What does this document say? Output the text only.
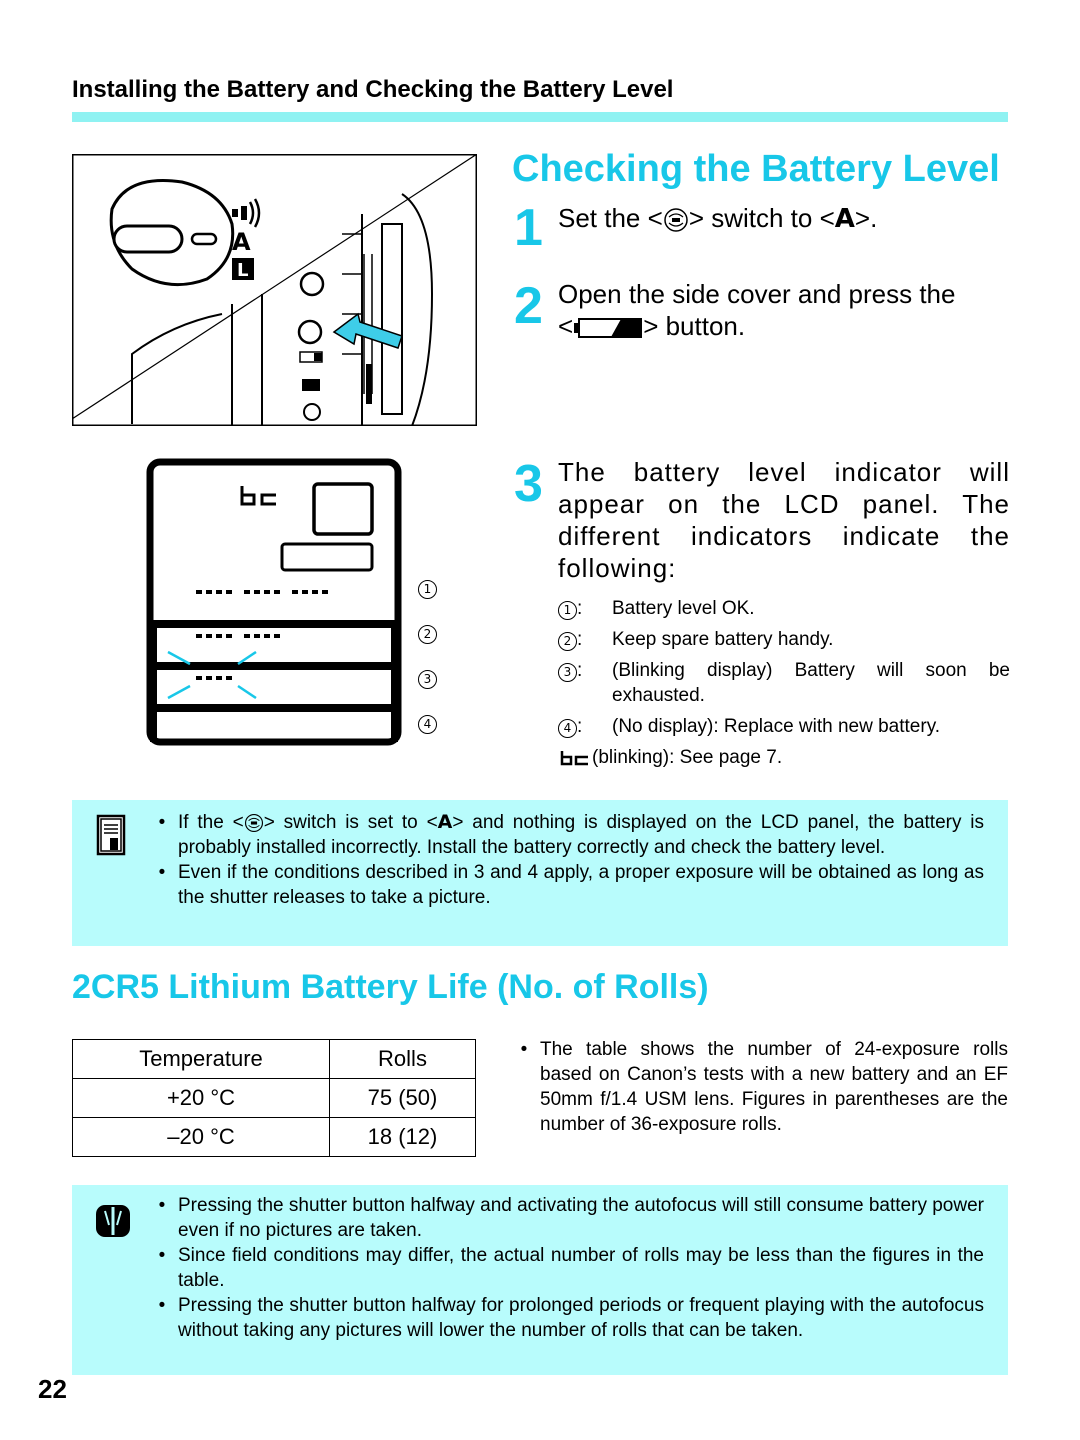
Installing the Battery and Checking the Battery Level
A
L
1
2
3
4
Checking the Battery Level
1 Set the < > switch to <A>.
2 Open the side cover and press the
<	> button.
3 The battery level indicator will appear on the LCD panel. The different indicators indicate the following:
1 :	Battery level OK.
2 :	Keep spare battery handy.
3 :	(Blinking display) Battery will soon be exhausted.
4 :	(No display): Replace with new battery.
(blinking): See page 7.
• If the < > switch is set to <A> and nothing is displayed on the LCD panel, the battery is probably installed incorrectly. Install the battery correctly and check the battery level.
• Even if the conditions described in 3 and 4 apply, a proper exposure will be obtained as long as the shutter releases to take a picture.
2CR5 Lithium Battery Life (No. of Rolls)
Temperature	Rolls
+20 °C	75 (50)
–20 °C	18 (12)
• The table shows the number of 24-exposure rolls based on Canon’s tests with a new battery and an EF 50mm f/1.4 USM lens. Figures in parentheses are the number of 36-exposure rolls.
• Pressing the shutter button halfway and activating the autofocus will still consume battery power even if no pictures are taken.
• Since field conditions may differ, the actual number of rolls may be less than the figures in the table.
• Pressing the shutter button halfway for prolonged periods or frequent playing with the autofocus without taking any pictures will lower the number of rolls that can be taken.
22
